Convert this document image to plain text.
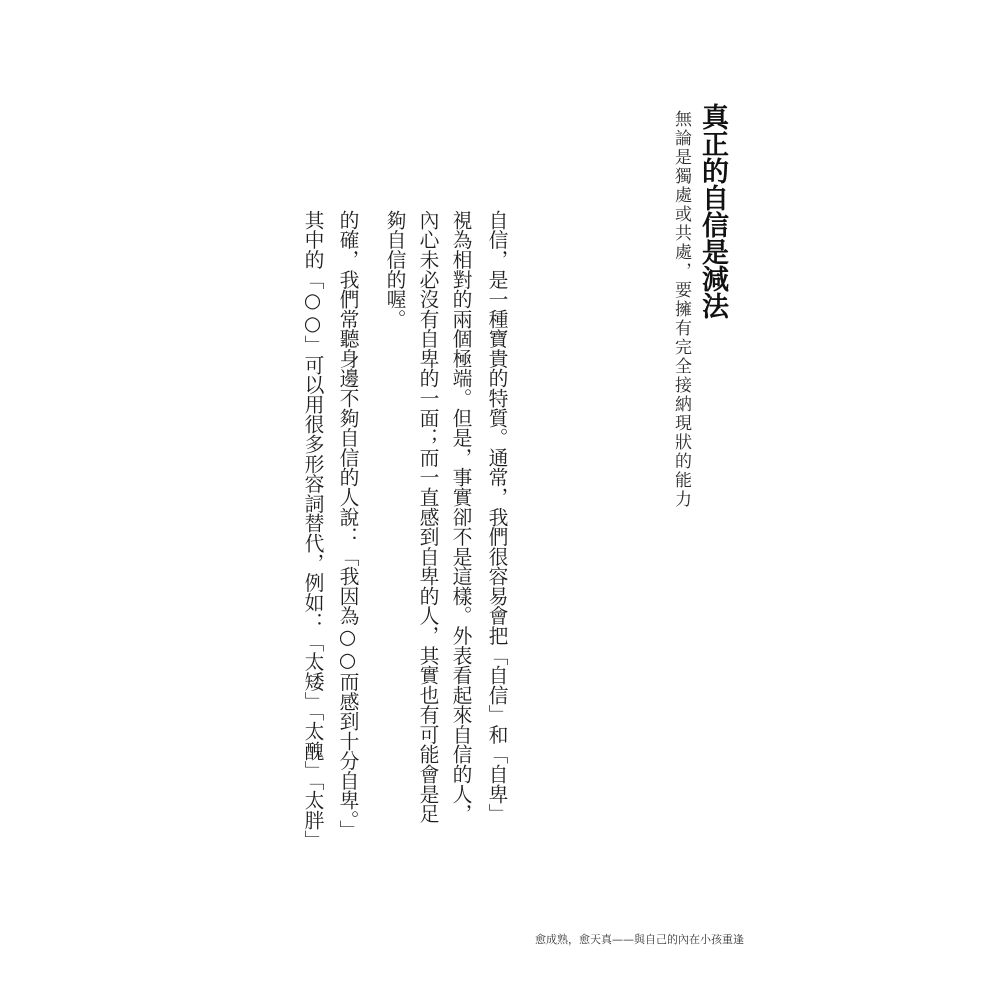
真正的自信是減法
無論是獨處或共處，要擁有完全接納現狀的能力
自信，是一種寶貴的特質。通常，我們很容易會把「自信」和「自卑」
視為相對的兩個極端。但是，事實卻不是這樣。外表看起來自信的人，
內心未必沒有自卑的一面；而一直感到自卑的人，其實也有可能會是足
夠自信的喔。
的確，我們常聽身邊不夠自信的人說：「我因為○○而感到十分自卑。」
其中的「○○」可以用很多形容詞替代，例如：「太矮」「太醜」「太胖」
愈成熟，愈天真——與自己的內在小孩重逢
